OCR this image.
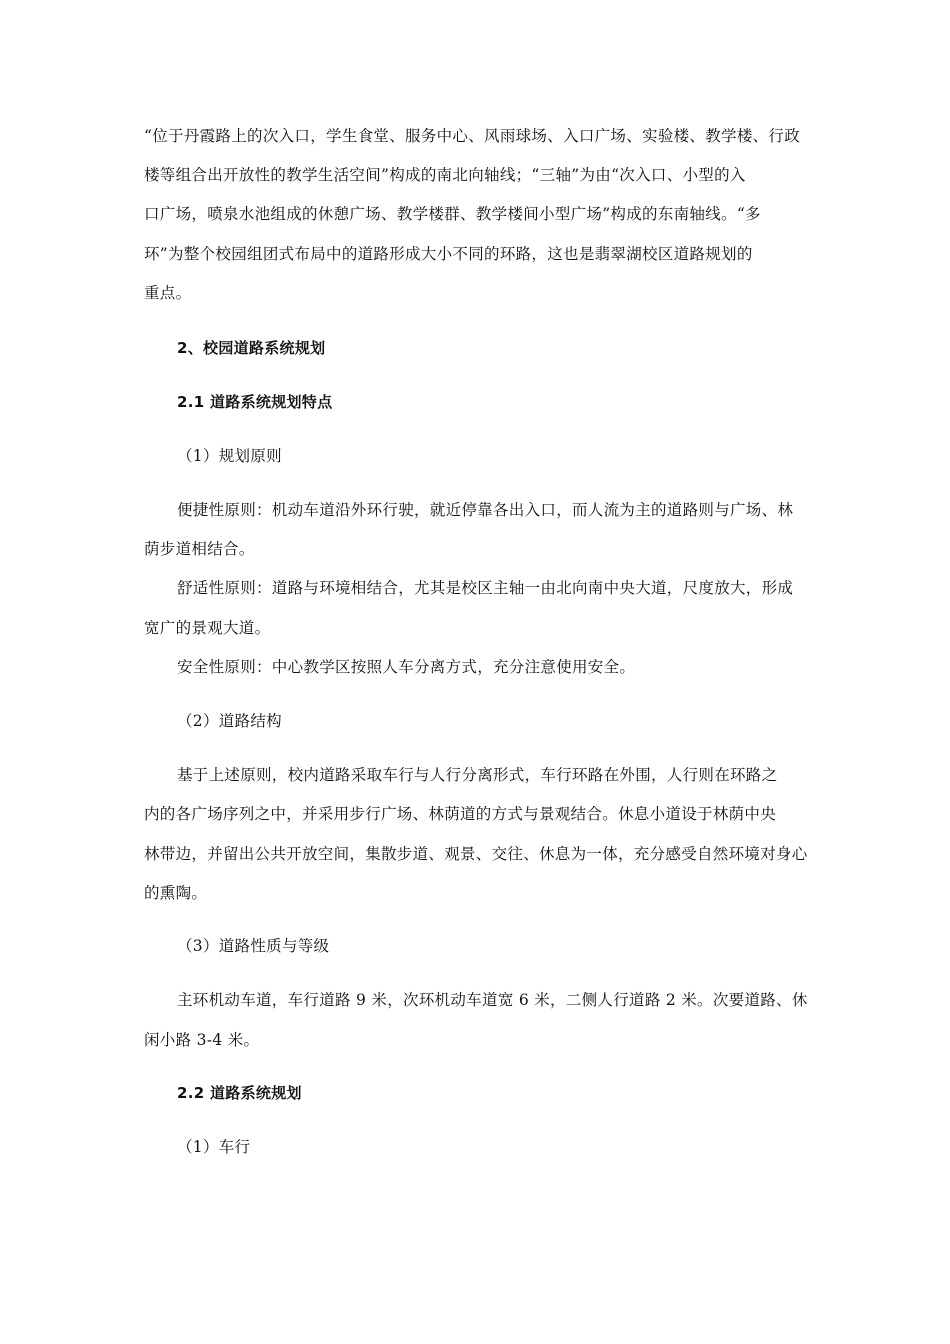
“位于丹霞路上的次入口，学生食堂、服务中心、风雨球场、入口广场、实验楼、教学楼、行政
楼等组合出开放性的教学生活空间”构成的南北向轴线；“三轴”为由“次入口、小型的入
口广场，喷泉水池组成的休憩广场、教学楼群、教学楼间小型广场”构成的东南轴线。“多
环”为整个校园组团式布局中的道路形成大小不同的环路，这也是翡翠湖校区道路规划的
重点。
2、校园道路系统规划
2.1 道路系统规划特点
（1）规划原则
便捷性原则：机动车道沿外环行驶，就近停靠各出入口，而人流为主的道路则与广场、林
荫步道相结合。
舒适性原则：道路与环境相结合，尤其是校区主轴一由北向南中央大道，尺度放大，形成
宽广的景观大道。
安全性原则：中心教学区按照人车分离方式，充分注意使用安全。
（2）道路结构
基于上述原则，校内道路采取车行与人行分离形式，车行环路在外围，人行则在环路之
内的各广场序列之中，并采用步行广场、林荫道的方式与景观结合。休息小道设于林荫中央
林带边，并留出公共开放空间，集散步道、观景、交往、休息为一体，充分感受自然环境对身心
的熏陶。
（3）道路性质与等级
主环机动车道，车行道路 9 米，次环机动车道宽 6 米，二侧人行道路 2 米。次要道路、休
闲小路 3-4 米。
2.2 道路系统规划
（1）车行
